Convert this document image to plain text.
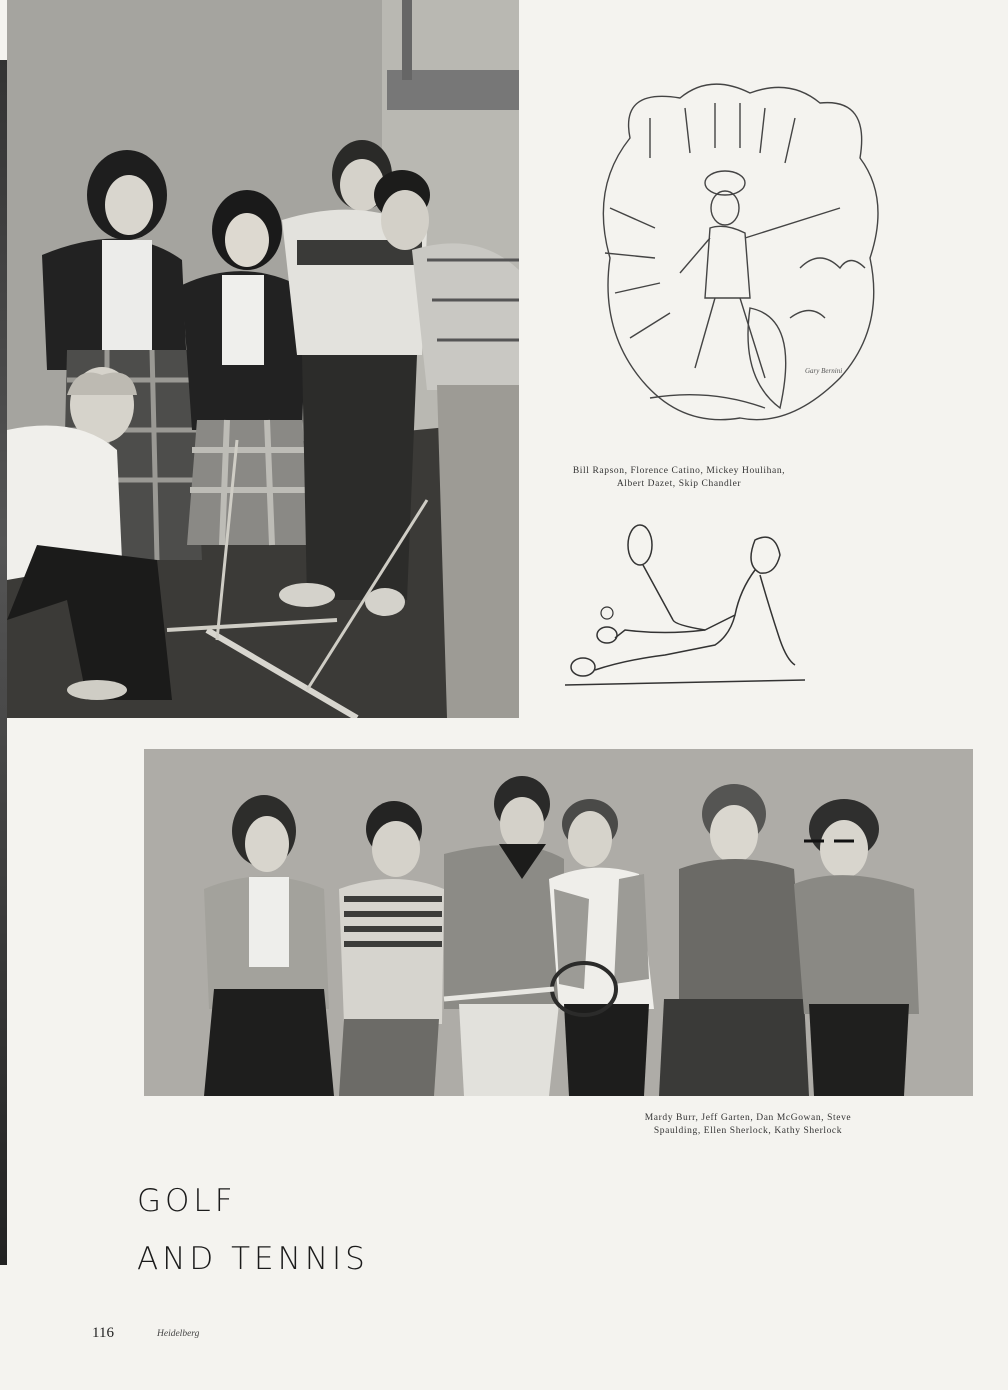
Gary Bernini
Bill Rapson, Florence Catino, Mickey Houlihan,
Albert Dazet, Skip Chandler
Mardy Burr, Jeff Garten, Dan McGowan, Steve
Spaulding, Ellen Sherlock, Kathy Sherlock
GOLF
AND TENNIS
116	Heidelberg
